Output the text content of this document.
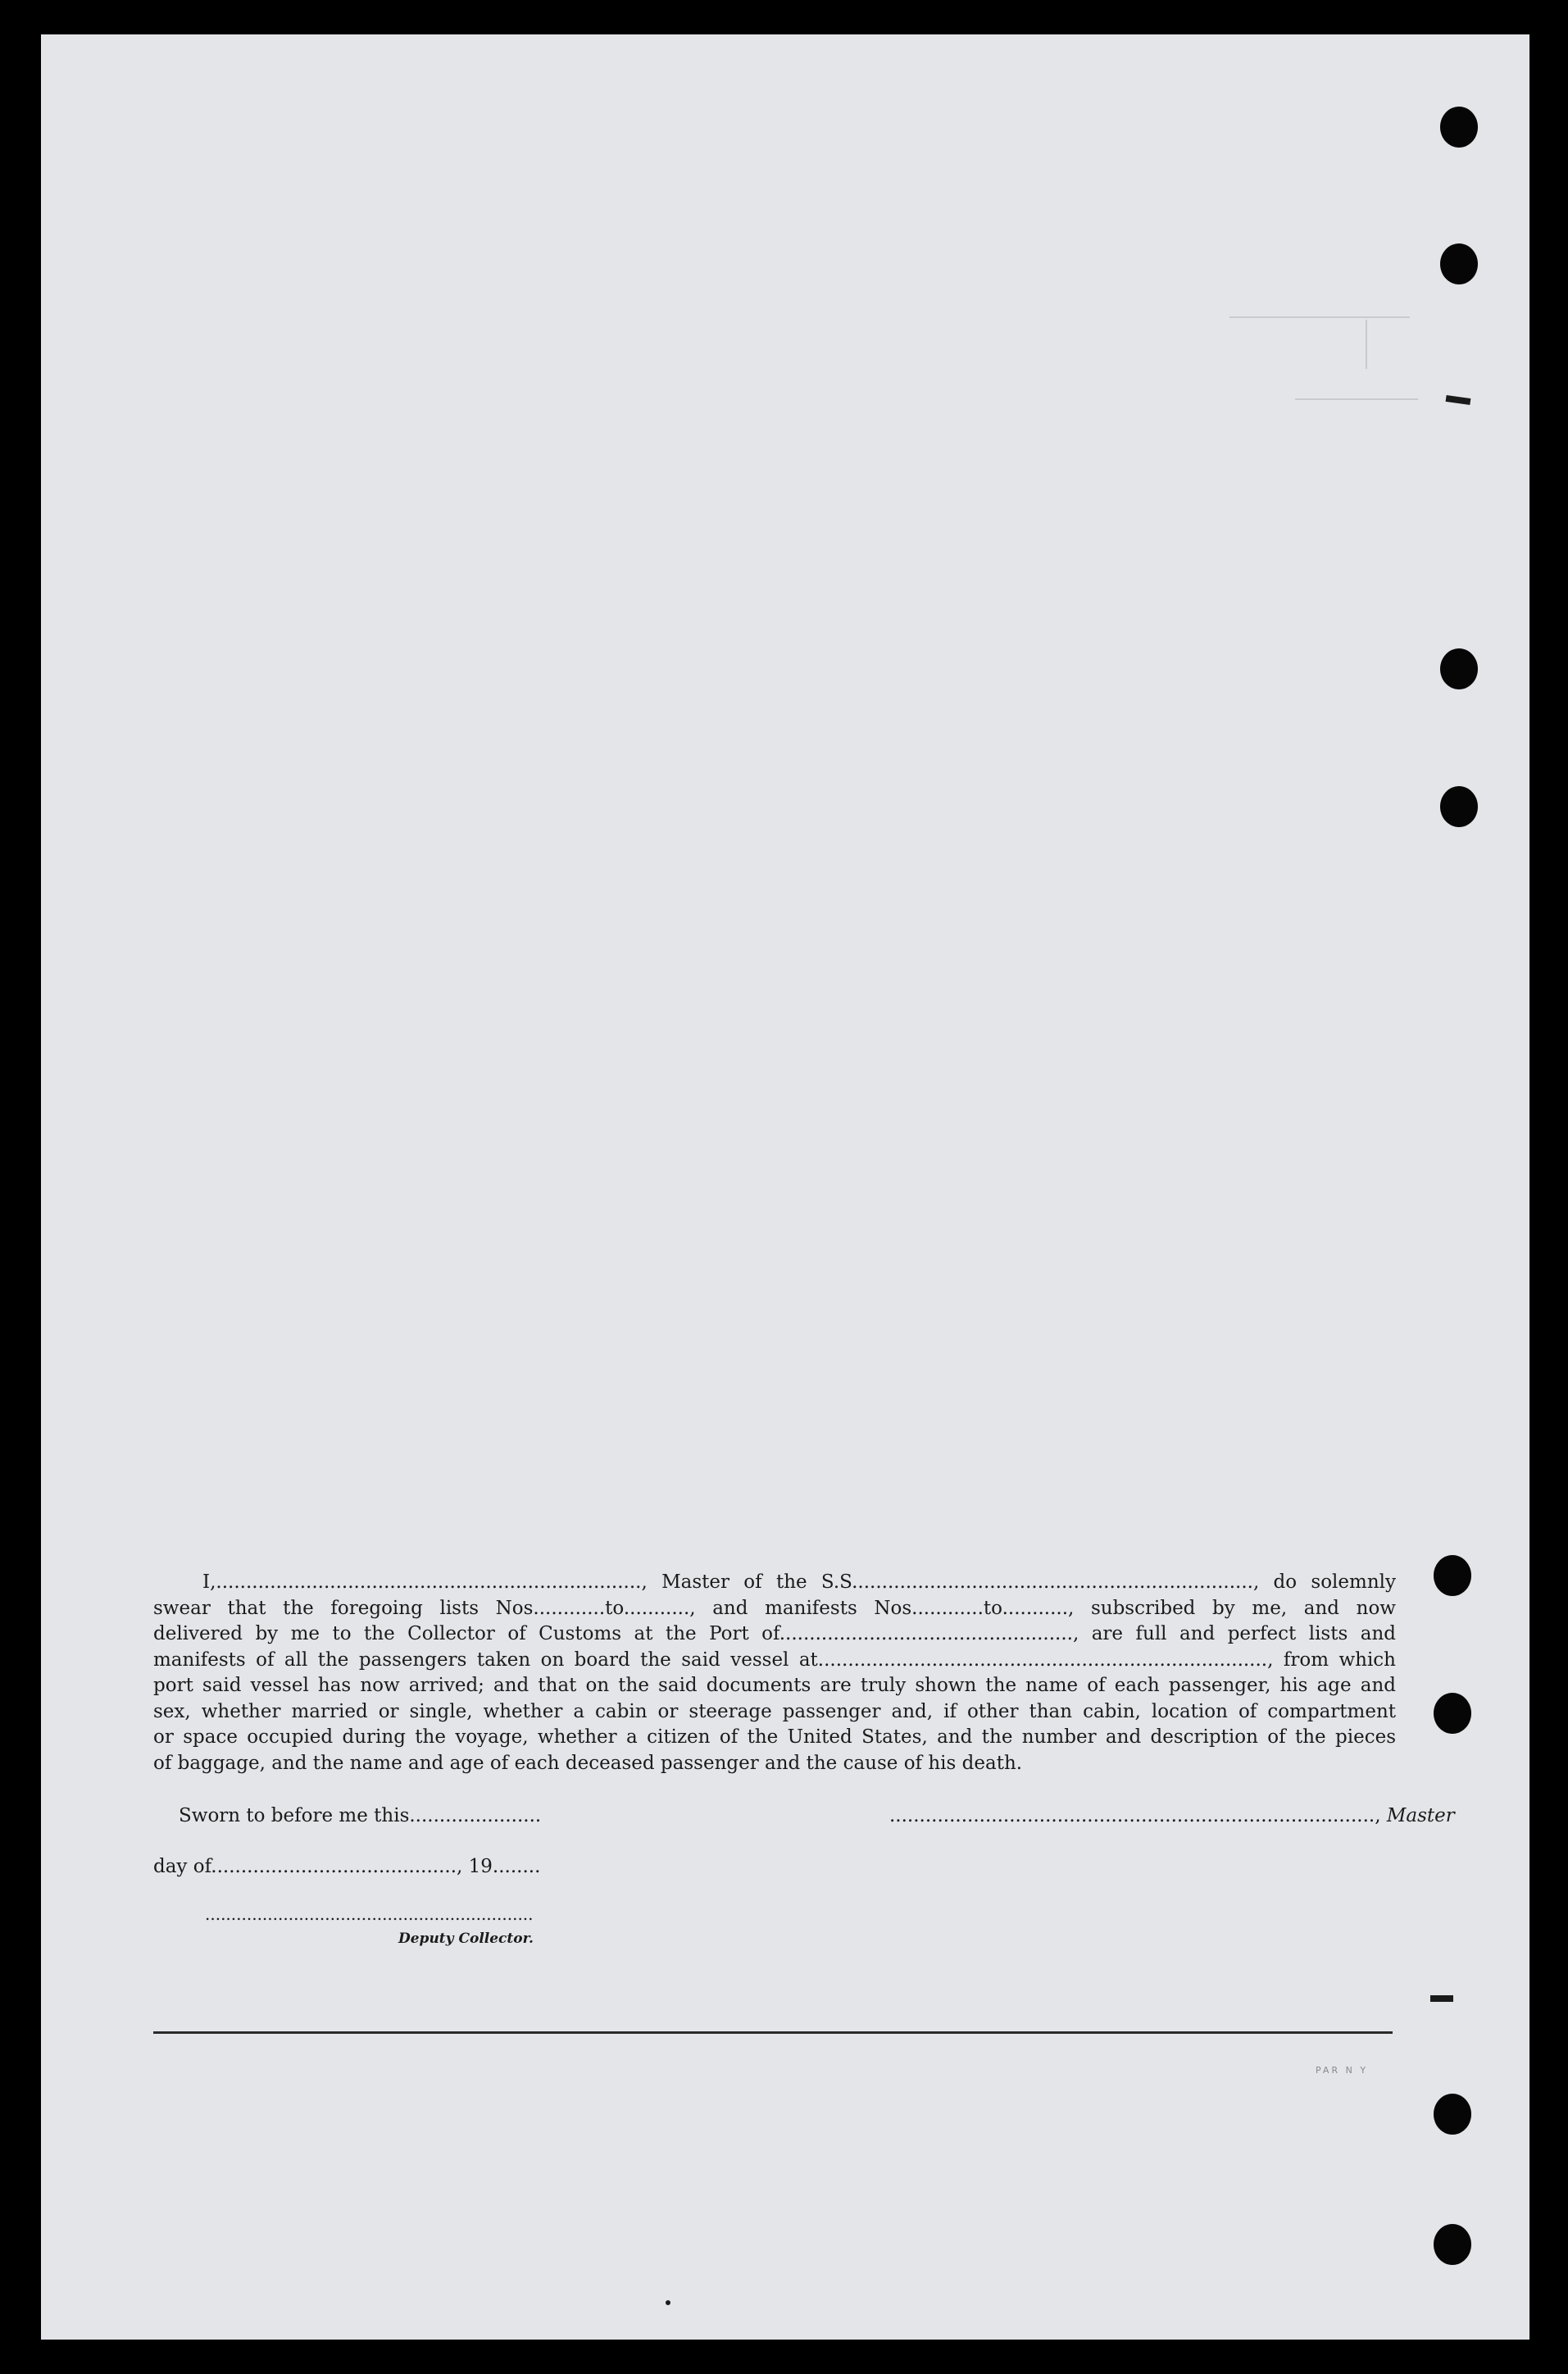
I,......................................................................., Master of the S.S..................................................................., do solemnly

swear that the foregoing lists Nos............to..........., and manifests Nos............to..........., subscribed by me, and now
delivered by me to the Collector of Customs at the Port of................................................., are full and perfect lists and
manifests of all the passengers taken on board the said vessel at..........................................................................., from which
port said vessel has now arrived; and that on the said documents are truly shown the name of each passenger, his age and
sex, whether married or single, whether a cabin or steerage passenger and, if other than cabin, location of compartment
or space occupied during the voyage, whether a citizen of the United States, and the number and description of the pieces
of baggage, and the name and age of each deceased passenger and the cause of his death.
Sworn to before me this......................	................................................................................., Master
day of........................................., 19........
...............................................................
Deputy Collector.
PAR N Y
